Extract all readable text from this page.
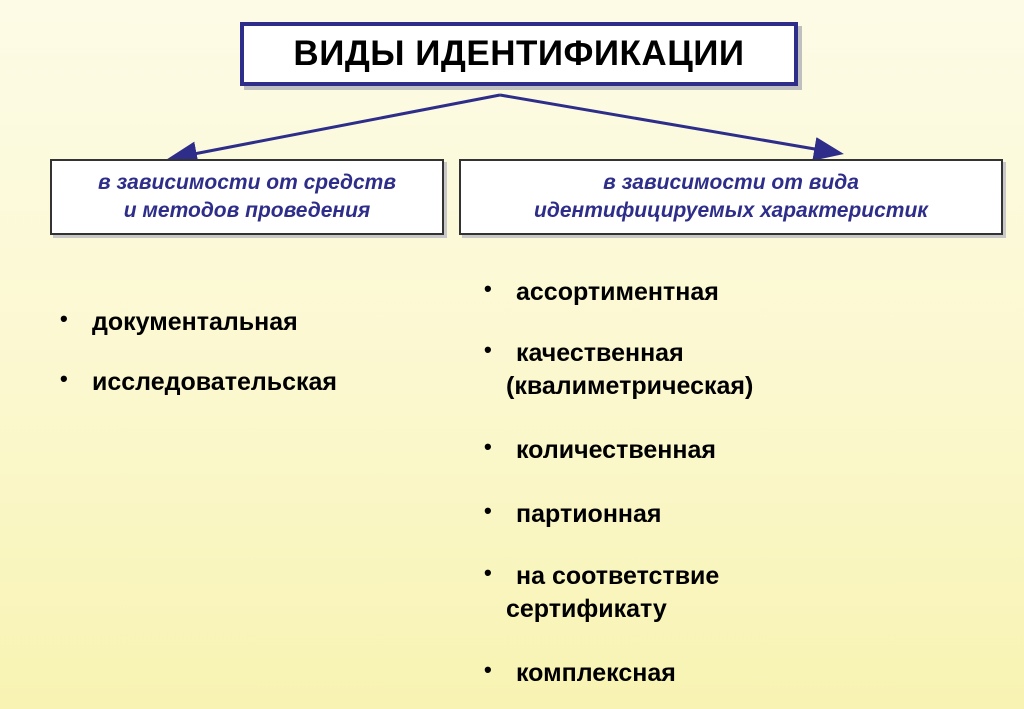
ВИДЫ ИДЕНТИФИКАЦИИ
в зависимости от средств
и методов проведения
в зависимости от вида
идентифицируемых характеристик
• документальная
• исследовательская
• ассортиментная
• качественная
(квалиметрическая)
• количественная
• партионная
• на соответствие
сертификату
• комплексная
